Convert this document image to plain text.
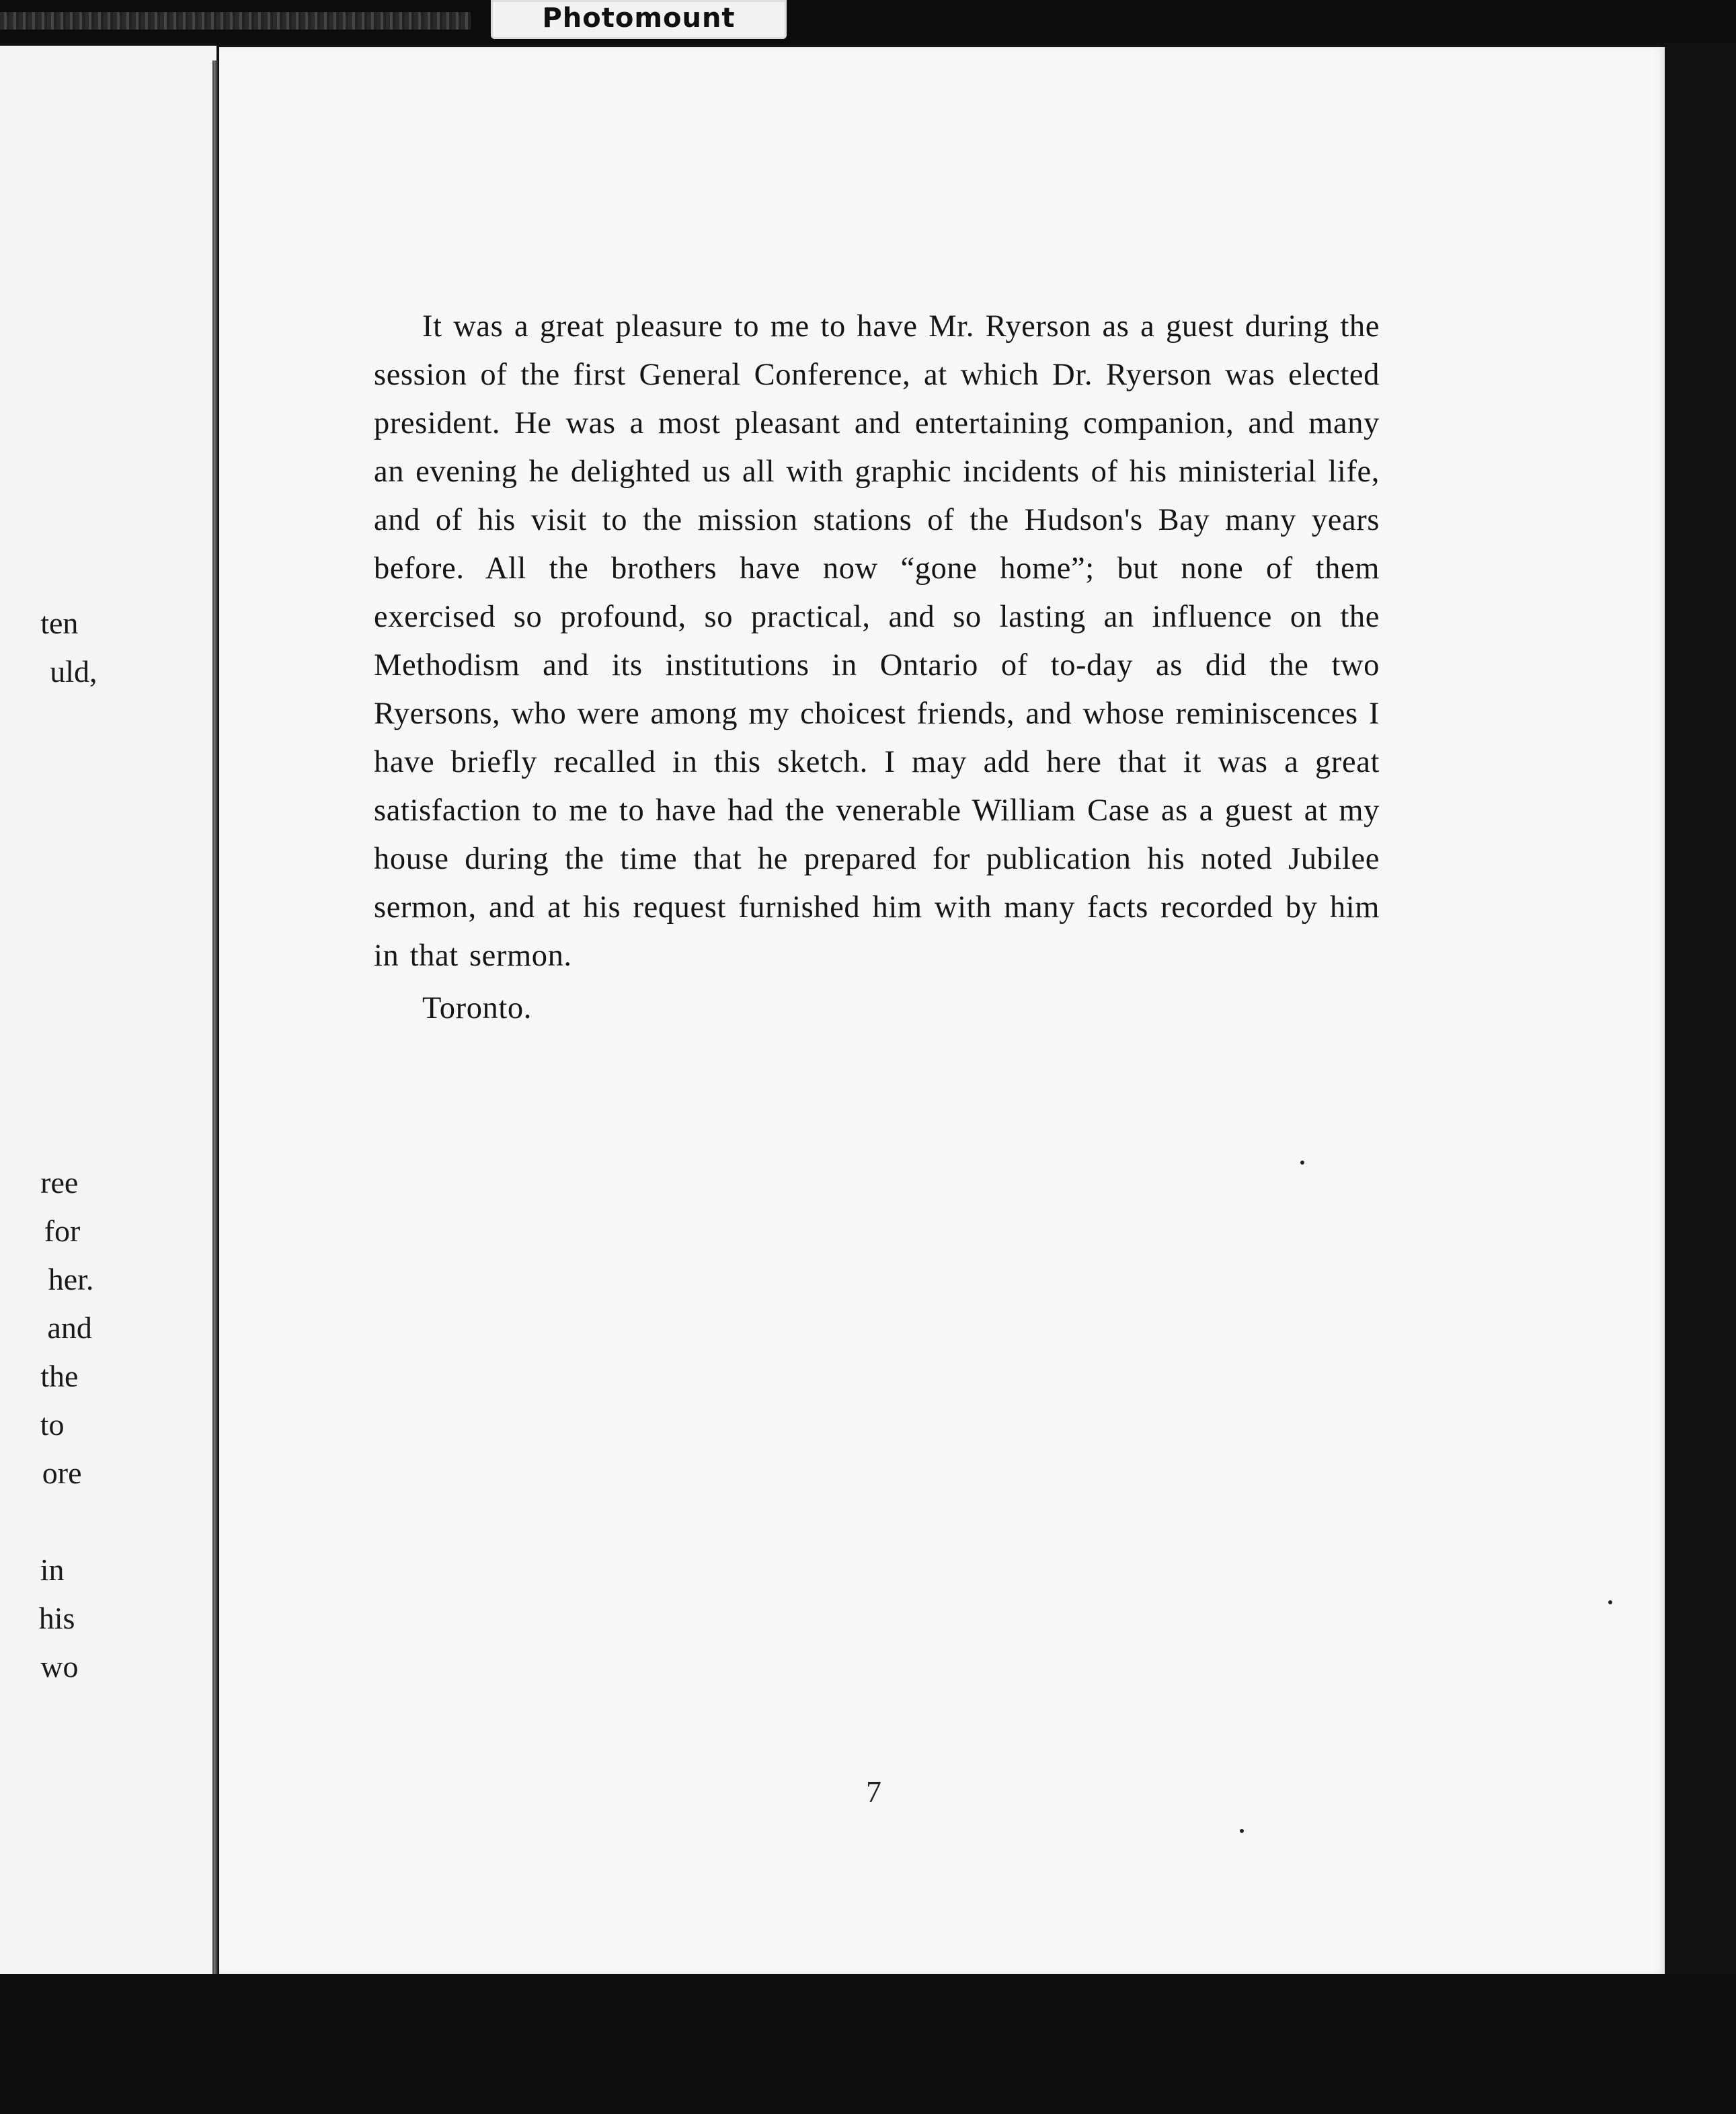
Photomount
ten
uld,
ree
for
her.
and
the
to
ore
in
his
wo

It was a great pleasure to me to have Mr. Ryerson as a guest during the session of the first General Conference, at which Dr. Ryerson was elected president. He was a most pleasant and entertaining companion, and many an evening he delighted us all with graphic incidents of his ministerial life, and of his visit to the mission stations of the Hudson's Bay many years before. All the brothers have now “gone home”; but none of them exercised so profound, so practical, and so lasting an influence on the Methodism and its institutions in Ontario of to-day as did the two Ryersons, who were among my choicest friends, and whose reminiscences I have briefly recalled in this sketch. I may add here that it was a great satisfaction to me to have had the venerable William Case as a guest at my house during the time that he prepared for publication his noted Jubilee sermon, and at his request furnished him with many facts recorded by him in that sermon.

Toronto.

7
